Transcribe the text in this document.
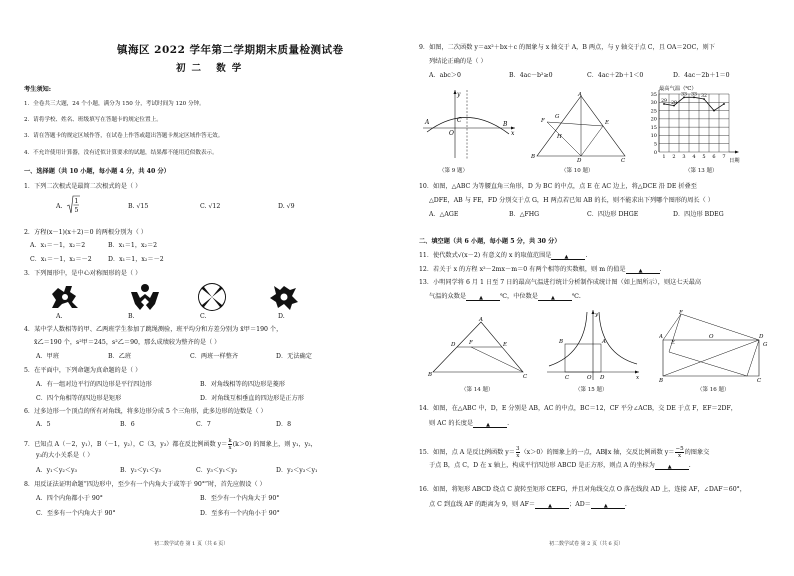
镇海区 2022 学年第二学期期末质量检测试卷
初二 数学
考生须知:
1．全卷共三大题，24 个小题，满分为 150 分，考试时间为 120 分钟。
2．请将学校、姓名、班级填写在答题卡的规定位置上。
3．请在答题卡的规定区域作答，在试卷上作答或超出答题卡规定区域作答无效。
4．不允许使用计算器，没有近似计算要求的试题，结果都不能用近似数表示。
一、选择题（共 10 小题，每小题 4 分，共 40 分）
1．下列二次根式是最简二次根式的是（ ）
A.
1
5
B. √15	C. √12	D. √9
2．方程(x－1)(x＋2)＝0 的两根分别为（ ）
A．x₁＝－1，x₂＝2	B．x₁＝1，x₂＝2
C．x₁＝－1，x₂＝－2	D．x₁＝1，x₂＝－2
3．下列图形中，是中心对称图形的是（ ）
A.	B.	C.	D.
4．某中学人数相等的甲、乙两班学生参加了跳绳测验，班平均分和方差分别为 x̄甲＝190 个，
x̄乙＝190 个，s²甲＝245，s²乙＝90，那么成绩较为整齐的是（ ）
A．甲班	B．乙班	C．两班一样整齐	D．无法确定
5．在平面中，下列命题为真命题的是（ ）
A．有一组对边平行的四边形是平行四边形	B．对角线相等的四边形是菱形
C．四个角相等的四边形是矩形	D．对角线互相垂直的四边形是正方形
6．过多边形一个顶点的所有对角线，将多边形分成 5 个三角形，此多边形的边数是（ ）
A．5	B．6	C．7	D．8
7．已知点 A（－2，y₁），B（－1，y₂），C（3，y₃）都在反比例函数 $y= \frac{k}{x} (k>0)$ 的图象上，则 y₁，y₂，
y₃的大小关系是（ ）
A．y₁＜y₂＜y₃	B．y₂＜y₁＜y₃	C．y₃＜y₁＜y₂	D．y₂＜y₃＜y₁
8．用反证法证明命题“四边形中，至少有一个内角大于或等于 90°”时，首先应假设（ ）
A．四个内角都小于 90°	B．至少有一个内角大于 90°
C．至多有一个内角大于 90°	D．至多有一个内角小于 90°
初二数学试卷 第 1 页（共 6 页）
9．如图，二次函数 y＝ax²＋bx＋c 的图象与 x 轴交于 A，B 两点，与 y 轴交于点 C，且 OA＝2OC，则下
列结论正确的是（ ）
A．abc＞0	B．4ac－b²≥0	C．4ac＋2b＋1＜0	D．4ac－2b＋1＝0
A
O
C
B
x
y	A
B
C
D
E
F
G
H
最高气温（℃）
日期
35
30
25
20
15
10
5
0
1 2 3 4 5 6 7
29 28
33 33 32
（第 9 题）	（第 10 题）	（第 13 题）
10．如图，△ABC 为等腰直角三角形，D 为 BC 的中点，点 E 在 AC 边上，将△DCE 沿 DE 折叠至
△DFE，AB 与 FE，FD 分别交于点 G，H 两点若已知 AB 的长，则不能求出下列哪个图形的周长（ ）
A．△AGE	B．△FHG	C．四边形 DHGE	D．四边形 BDEG
二、填空题（共 6 小题，每小题 5 分，共 30 分）
11．使代数式√(x－2) 有意义的 x 的取值范围是 ▲	.
12．若关于 x 的方程 x²－2mx－m＝0 有两个相等的实数根，则 m 的值是 ▲	.
13．小明同学将 6 月 1 日至 7 日的最高气温进行统计分析制作成统计图（如上图所示），则这七天最高
气温的众数是 ▲	℃，中位数是 ▲	℃.
A
B	C
D	E
F	A
B
C	O D	x
y
A
B	C
D
E
F
G
O
（第 14 题）	（第 15 题）	（第 16 题）
14．如图，在△ABC 中，D，E 分别是 AB，AC 的中点，BC＝12，CF 平分∠ACB，交 DE 于点 F，EF＝2DF，
则 AC 的长度是 ▲	.
15．如图，点 A 是反比例函数 $y= \frac{3}{x} (x>0)$的图象上的一点，AB∥x 轴，交反比例函数 $y= \frac{-5}{x}$ 的图象交
于点 B，点 C，D 在 x 轴上，构成平行四边形 ABCD 是正方形，则点 A 的坐标为 ▲	.
16．如图，将矩形 ABCD 绕点 C 旋转至矩形 CEFG，并且对角线交点 O 落在线段 AD 上，连接 AF，∠DAF＝60°，
点 C 到直线 AF 的距离为 9，则 AF＝ ▲	；AD＝ ▲	.
初二数学试卷 第 2 页（共 6 页）
